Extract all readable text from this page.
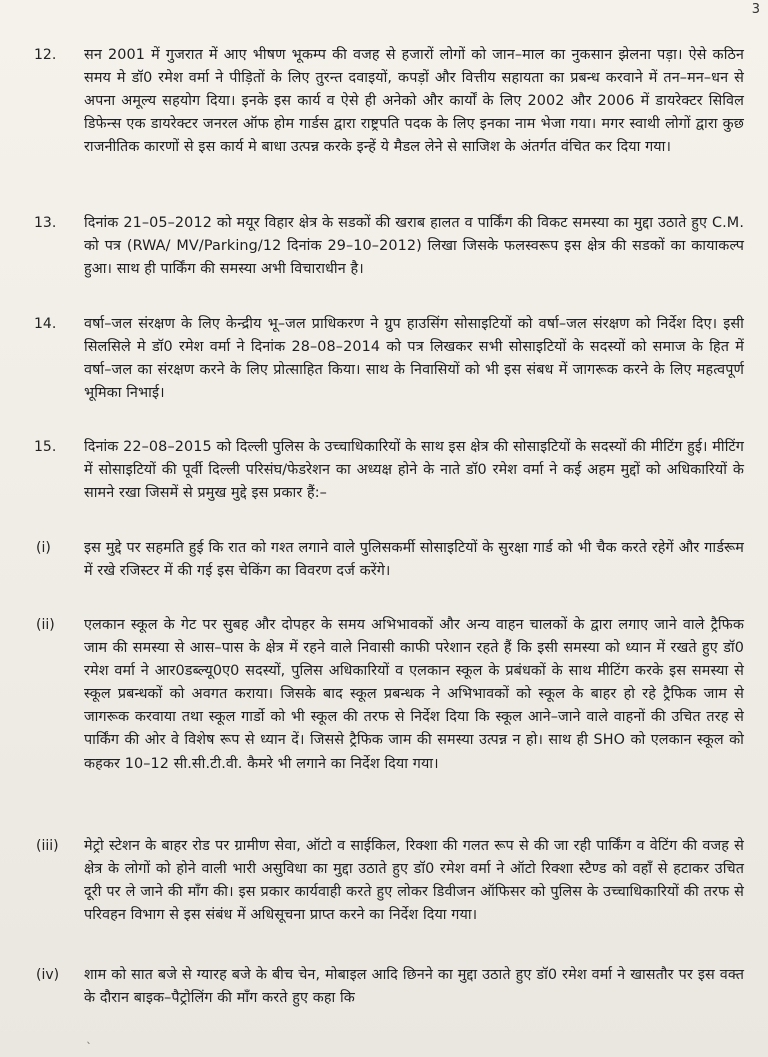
3
12. सन 2001 में गुजरात में आए भीषण भूकम्प की वजह से हजारों लोगों को जान–माल का नुकसान झेलना पड़ा। ऐसे कठिन समय मे डॉ0 रमेश वर्मा ने पीड़ितों के लिए तुरन्त दवाइयों, कपड़ों और वित्तीय सहायता का प्रबन्ध करवाने में तन–मन–धन से अपना अमूल्य सहयोग दिया। इनके इस कार्य व ऐसे ही अनेको और कार्यों के लिए 2002 और 2006 में डायरेक्टर सिविल डिफेन्स एक डायरेक्टर जनरल ऑफ होम गार्डस द्वारा राष्ट्रपति पदक के लिए इनका नाम भेजा गया। मगर स्वाथी लोगों द्वारा कुछ राजनीतिक कारणों से इस कार्य मे बाधा उत्पन्न करके इन्हें ये मैडल लेने से साजिश के अंतर्गत वंचित कर दिया गया।
13. दिनांक 21–05–2012 को मयूर विहार क्षेत्र के सडकों की खराब हालत व पार्किंग की विकट समस्या का मुद्दा उठाते हुए C.M. को पत्र (RWA/ MV/Parking/12 दिनांक 29–10–2012) लिखा जिसके फलस्वरूप इस क्षेत्र की सडकों का कायाकल्प हुआ। साथ ही पार्किंग की समस्या अभी विचाराधीन है।
14. वर्षा–जल संरक्षण के लिए केन्द्रीय भू–जल प्राधिकरण ने ग्रुप हाउसिंग सोसाइटियों को वर्षा–जल संरक्षण को निर्देश दिए। इसी सिलसिले मे डॉ0 रमेश वर्मा ने दिनांक 28–08–2014 को पत्र लिखकर सभी सोसाइटियों के सदस्यों को समाज के हित में वर्षा–जल का संरक्षण करने के लिए प्रोत्साहित किया। साथ के निवासियों को भी इस संबध में जागरूक करने के लिए महत्वपूर्ण भूमिका निभाई।
15. दिनांक 22–08–2015 को दिल्ली पुलिस के उच्चाधिकारियों के साथ इस क्षेत्र की सोसाइटियों के सदस्यों की मीटिंग हुई। मीटिंग में सोसाइटियों की पूर्वी दिल्ली परिसंघ/फेडरेशन का अध्यक्ष होने के नाते डॉ0 रमेश वर्मा ने कई अहम मुद्दों को अधिकारियों के सामने रखा जिसमें से प्रमुख मुद्दे इस प्रकार हैं:–
(i) इस मुद्दे पर सहमति हुई कि रात को गश्त लगाने वाले पुलिसकर्मी सोसाइटियों के सुरक्षा गार्ड को भी चैक करते रहेगें और गार्डरूम में रखे रजिस्टर में की गई इस चेकिंग का विवरण दर्ज करेंगे।
(ii) एलकान स्कूल के गेट पर सुबह और दोपहर के समय अभिभावकों और अन्य वाहन चालकों के द्वारा लगाए जाने वाले ट्रैफिक जाम की समस्या से आस–पास के क्षेत्र में रहने वाले निवासी काफी परेशान रहते हैं कि इसी समस्या को ध्यान में रखते हुए डॉ0 रमेश वर्मा ने आर0डब्ल्यू0ए0 सदस्यों, पुलिस अधिकारियों व एलकान स्कूल के प्रबंधकों के साथ मीटिंग करके इस समस्या से स्कूल प्रबन्धकों को अवगत कराया। जिसके बाद स्कूल प्रबन्धक ने अभिभावकों को स्कूल के बाहर हो रहे ट्रैफिक जाम से जागरूक करवाया तथा स्कूल गार्डो को भी स्कूल की तरफ से निर्देश दिया कि स्कूल आने–जाने वाले वाहनों की उचित तरह से पार्किंग की ओर वे विशेष रूप से ध्यान दें। जिससे ट्रैफिक जाम की समस्या उत्पन्न न हो। साथ ही SHO को एलकान स्कूल को कहकर 10–12 सी.सी.टी.वी. कैमरे भी लगाने का निर्देश दिया गया।
(iii) मेट्रो स्टेशन के बाहर रोड पर ग्रामीण सेवा, ऑटो व साईकिल, रिक्शा की गलत रूप से की जा रही पार्किंग व वेटिंग की वजह से क्षेत्र के लोगों को होने वाली भारी असुविधा का मुद्दा उठाते हुए डॉ0 रमेश वर्मा ने ऑटो रिक्शा स्टैण्ड को वहाँ से हटाकर उचित दूरी पर ले जाने की माँग की। इस प्रकार कार्यवाही करते हुए लोकर डिवीजन ऑफिसर को पुलिस के उच्चाधिकारियों की तरफ से परिवहन विभाग से इस संबंध में अधिसूचना प्राप्त करने का निर्देश दिया गया।
(iv) शाम को सात बजे से ग्यारह बजे के बीच चेन, मोबाइल आदि छिनने का मुद्दा उठाते हुए डॉ0 रमेश वर्मा ने खासतौर पर इस वक्त के दौरान बाइक–पैट्रोलिंग की माँग करते हुए कहा कि
ˎ
